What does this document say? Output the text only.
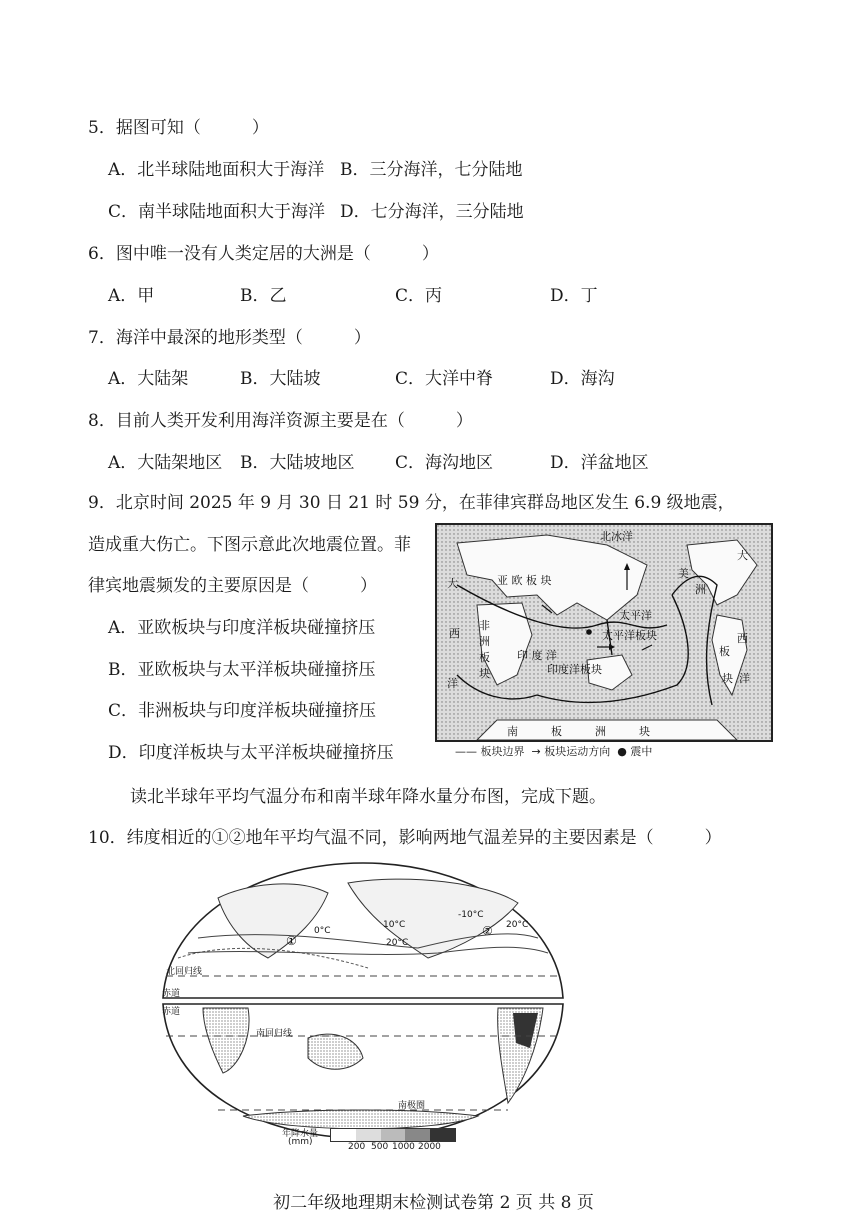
5．据图可知（　　　）
A．北半球陆地面积大于海洋 B．三分海洋，七分陆地
C．南半球陆地面积大于海洋 D．七分海洋，三分陆地
6．图中唯一没有人类定居的大洲是（　　　）
A．甲	B．乙	C．丙	D．丁
7．海洋中最深的地形类型（　　　）
A．大陆架	B．大陆坡	C．大洋中脊	D．海沟
8．目前人类开发利用海洋资源主要是在（　　　）
A．大陆架地区 B．大陆坡地区 C．海沟地区	D．洋盆地区
9．北京时间 2025 年 9 月 30 日 21 时 59 分，在菲律宾群岛地区发生 6.9 级地震，
造成重大伤亡。下图示意此次地震位置。菲
律宾地震频发的主要原因是（　　　）
A．亚欧板块与印度洋板块碰撞挤压
B．亚欧板块与太平洋板块碰撞挤压
C．非洲板块与印度洋板块碰撞挤压
D．印度洋板块与太平洋板块碰撞挤压
北冰洋
亚 欧 板 块
美
洲
大
太平洋
太平洋板块
非洲板块
印 度 洋
印度洋板块
西
板
块
洋
大
西
洋
南　　　板　　　洲　　　块
—— 板块边界 → 板块运动方向 ● 震中
读北半球年平均气温分布和南半球年降水量分布图，完成下题。
10．纬度相近的①②地年平均气温不同，影响两地气温差异的主要因素是（　　　）
0°C
10°C
-10°C
20°C
20°C
北回归线
赤道
赤道
南回归线
南极圈
①
②
年降水量
(mm)	200 500 1000 2000
初二年级地理期末检测试卷第 2 页 共 8 页
